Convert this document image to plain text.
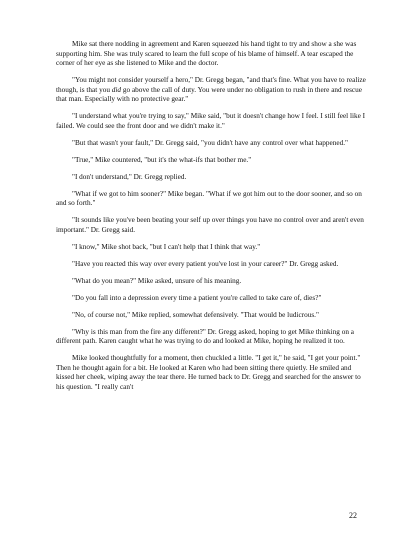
Mike sat there nodding in agreement and Karen squeezed his hand tight to try and show a she was supporting him. She was truly scared to learn the full scope of his blame of himself. A tear escaped the corner of her eye as she listened to Mike and the doctor.

"You might not consider yourself a hero," Dr. Gregg began, "and that's fine. What you have to realize though, is that you did go above the call of duty. You were under no obligation to rush in there and rescue that man. Especially with no protective gear."

"I understand what you're trying to say," Mike said, "but it doesn't change how I feel. I still feel like I failed. We could see the front door and we didn't make it."

"But that wasn't your fault," Dr. Gregg said, "you didn't have any control over what happened."

"True," Mike countered, "but it's the what-ifs that bother me."

"I don't understand," Dr. Gregg replied.

"What if we got to him sooner?" Mike began. "What if we got him out to the door sooner, and so on and so forth."

"It sounds like you've been beating your self up over things you have no control over and aren't even important." Dr. Gregg said.

"I know," Mike shot back, "but I can't help that I think that way."

"Have you reacted this way over every patient you've lost in your career?" Dr. Gregg asked.

"What do you mean?" Mike asked, unsure of his meaning.

"Do you fall into a depression every time a patient you're called to take care of, dies?"

"No, of course not," Mike replied, somewhat defensively. "That would be ludicrous."

"Why is this man from the fire any different?" Dr. Gregg asked, hoping to get Mike thinking on a different path. Karen caught what he was trying to do and looked at Mike, hoping he realized it too.

Mike looked thoughtfully for a moment, then chuckled a little. "I get it," he said, "I get your point." Then he thought again for a bit. He looked at Karen who had been sitting there quietly. He smiled and kissed her cheek, wiping away the tear there. He turned back to Dr. Gregg and searched for the answer to his question. "I really can't

22
